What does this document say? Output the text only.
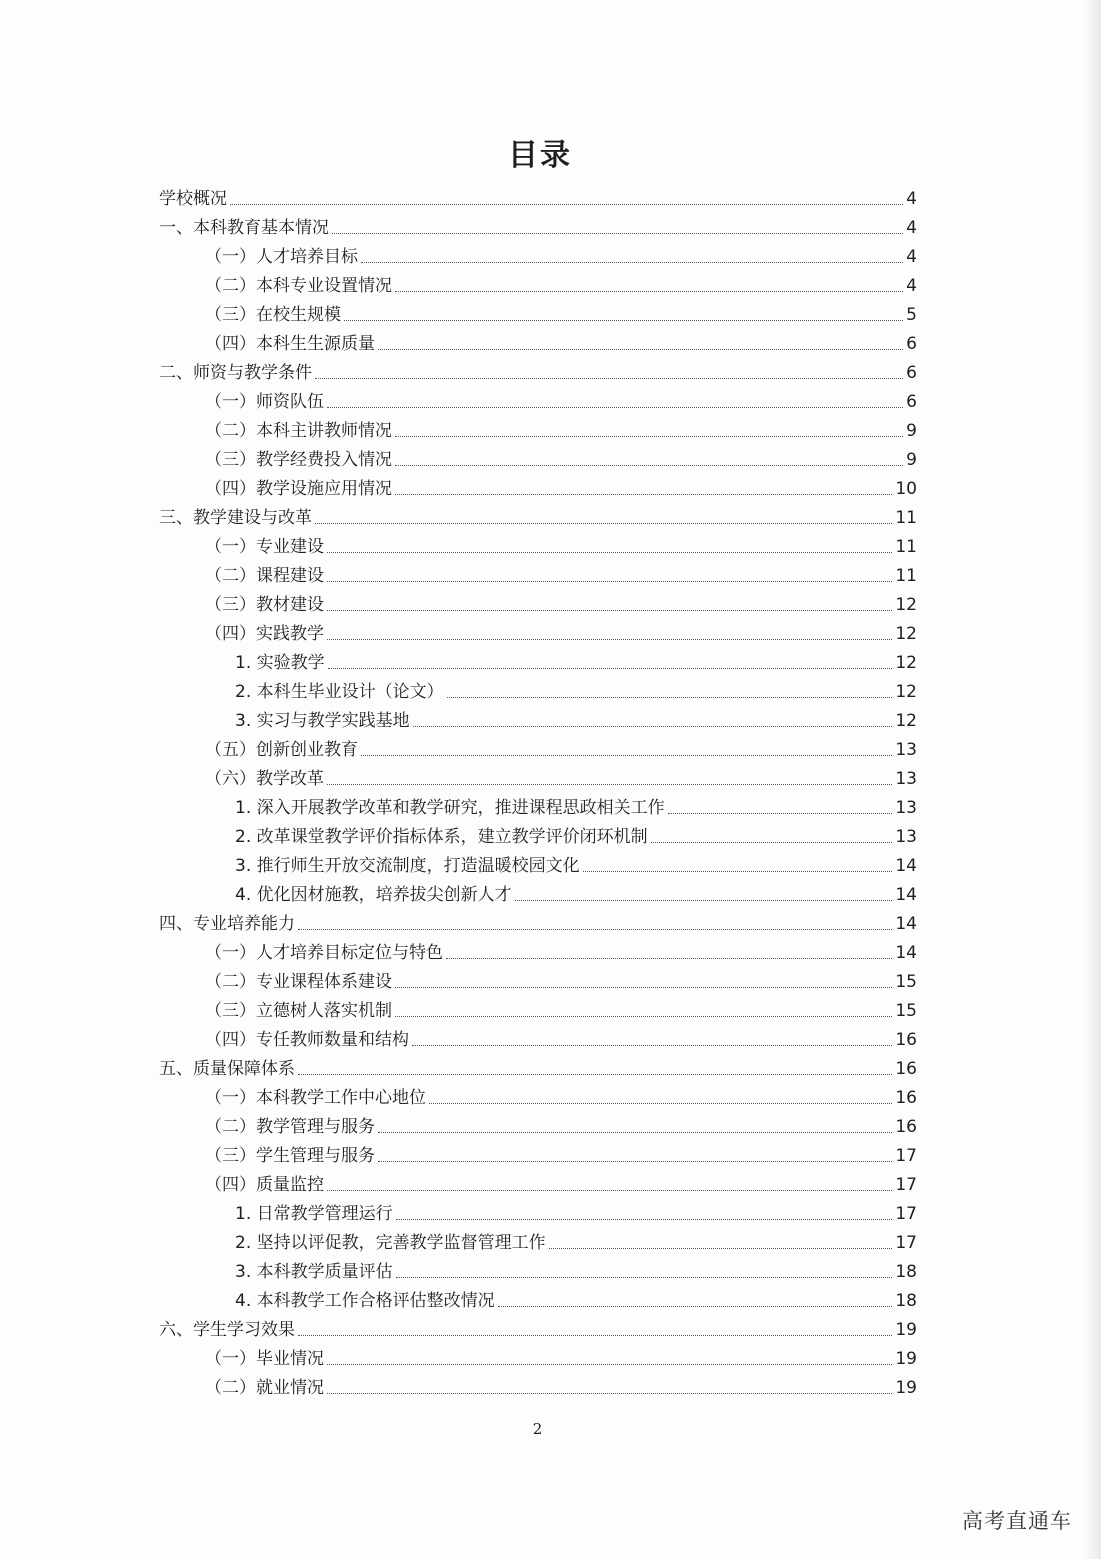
目录
学校概况	4
一、本科教育基本情况	4
（一）人才培养目标	4
（二）本科专业设置情况	4
（三）在校生规模	5
（四）本科生生源质量	6
二、师资与教学条件	6
（一）师资队伍	6
（二）本科主讲教师情况	9
（三）教学经费投入情况	9
（四）教学设施应用情况	10
三、教学建设与改革	11
（一）专业建设	11
（二）课程建设	11
（三）教材建设	12
（四）实践教学	12
1. 实验教学	12
2. 本科生毕业设计（论文）	12
3. 实习与教学实践基地	12
（五）创新创业教育	13
（六）教学改革	13
1. 深入开展教学改革和教学研究，推进课程思政相关工作	13
2. 改革课堂教学评价指标体系，建立教学评价闭环机制	13
3. 推行师生开放交流制度，打造温暖校园文化	14
4. 优化因材施教，培养拔尖创新人才	14
四、专业培养能力	14
（一）人才培养目标定位与特色	14
（二）专业课程体系建设	15
（三）立德树人落实机制	15
（四）专任教师数量和结构	16
五、质量保障体系	16
（一）本科教学工作中心地位	16
（二）教学管理与服务	16
（三）学生管理与服务	17
（四）质量监控	17
1. 日常教学管理运行	17
2. 坚持以评促教，完善教学监督管理工作	17
3. 本科教学质量评估	18
4. 本科教学工作合格评估整改情况	18
六、学生学习效果	19
（一）毕业情况	19
（二）就业情况	19
2
高考直通车
